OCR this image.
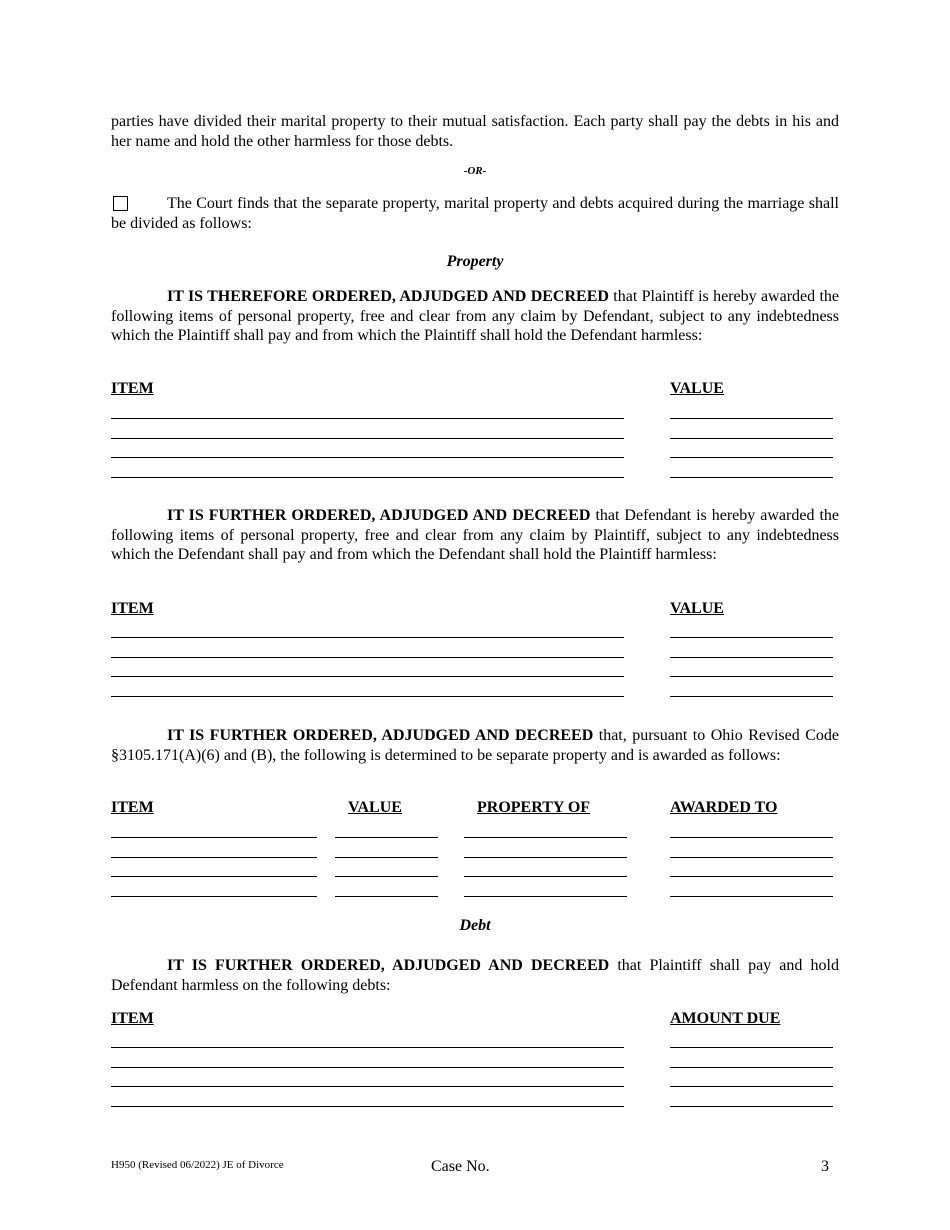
parties have divided their marital property to their mutual satisfaction. Each party shall pay the debts in his and her name and hold the other harmless for those debts.
-OR-
The Court finds that the separate property, marital property and debts acquired during the marriage shall be divided as follows:
Property
IT IS THEREFORE ORDERED, ADJUDGED AND DECREED that Plaintiff is hereby awarded the following items of personal property, free and clear from any claim by Defendant, subject to any indebtedness which the Plaintiff shall pay and from which the Plaintiff shall hold the Defendant harmless:
ITEM	VALUE
IT IS FURTHER ORDERED, ADJUDGED AND DECREED that Defendant is hereby awarded the following items of personal property, free and clear from any claim by Plaintiff, subject to any indebtedness which the Defendant shall pay and from which the Defendant shall hold the Plaintiff harmless:
ITEM	VALUE
IT IS FURTHER ORDERED, ADJUDGED AND DECREED that, pursuant to Ohio Revised Code §3105.171(A)(6) and (B), the following is determined to be separate property and is awarded as follows:
ITEM	VALUE	PROPERTY OF	AWARDED TO
Debt
IT IS FURTHER ORDERED, ADJUDGED AND DECREED that Plaintiff shall pay and hold Defendant harmless on the following debts:
ITEM	AMOUNT DUE
H950 (Revised 06/2022) JE of Divorce	Case No.	3
